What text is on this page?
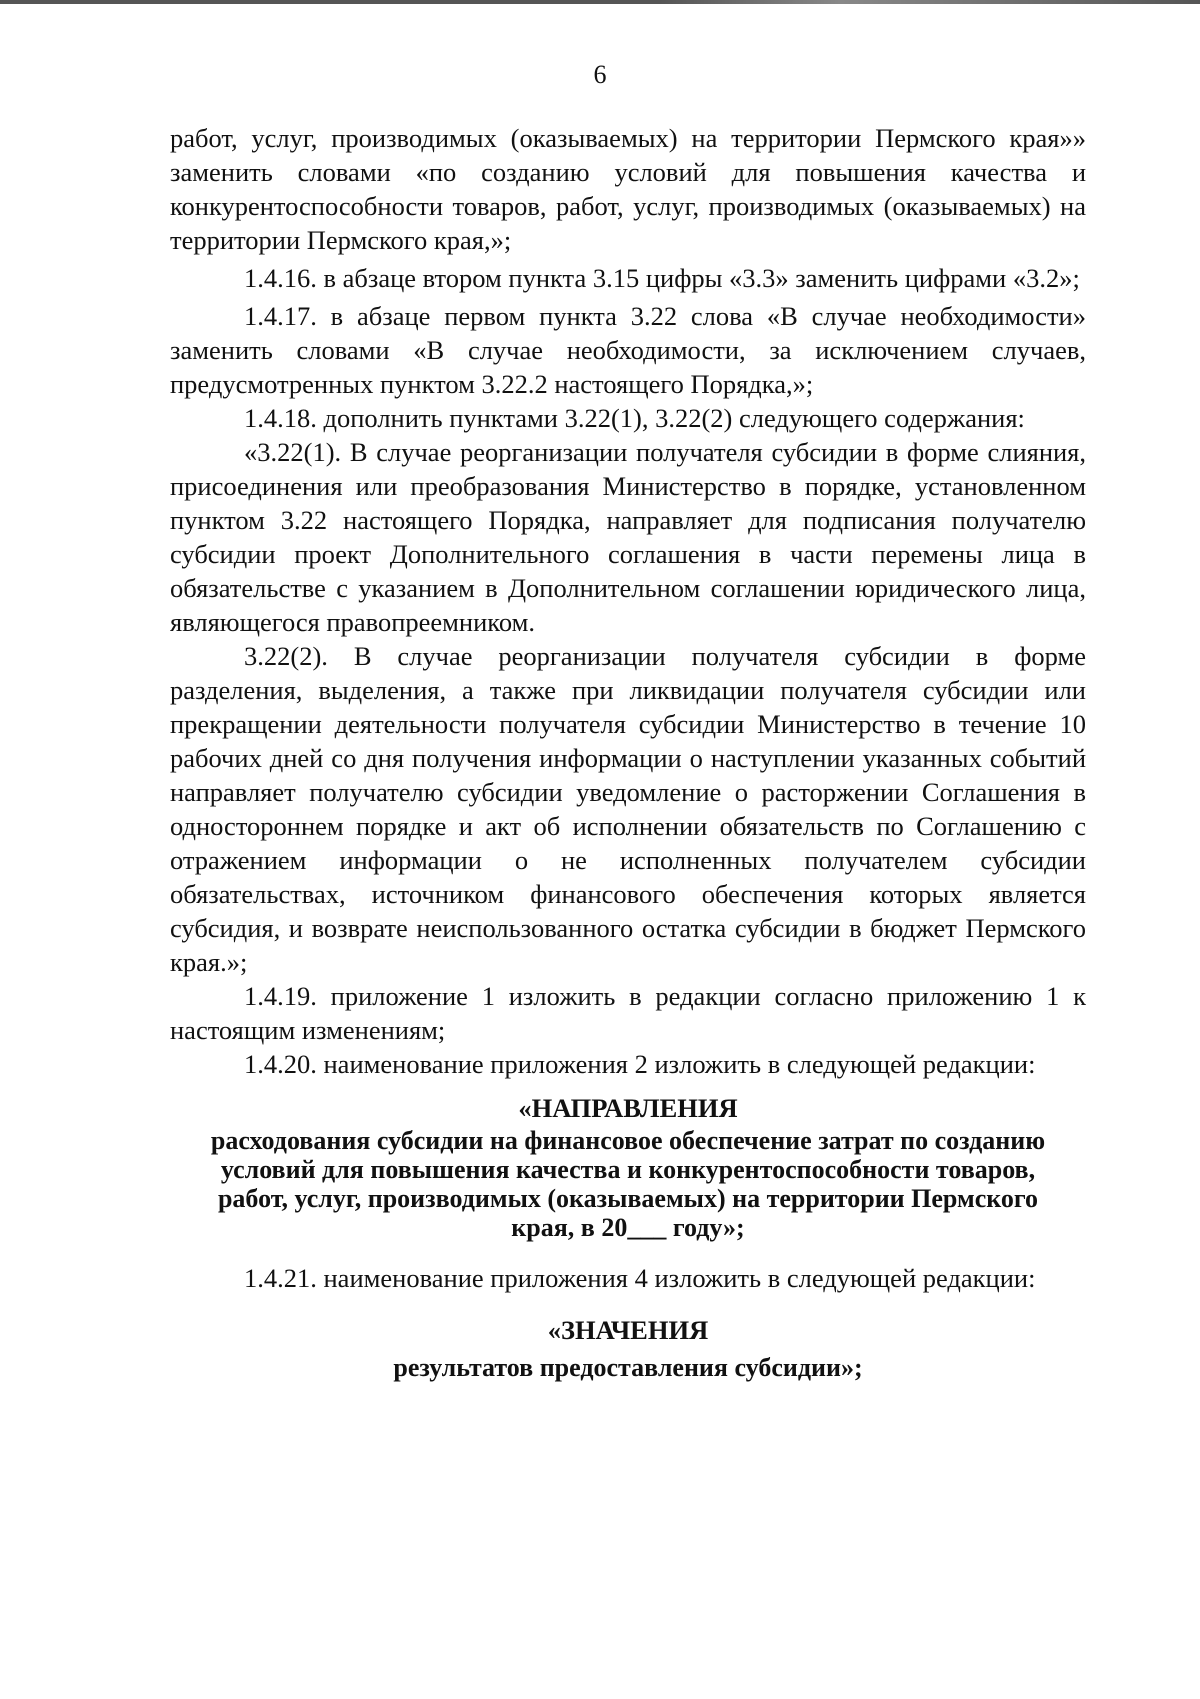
6

работ, услуг, производимых (оказываемых) на территории Пермского края»» заменить словами «по созданию условий для повышения качества и конкурентоспособности товаров, работ, услуг, производимых (оказываемых) на территории Пермского края,»;

1.4.16. в абзаце втором пункта 3.15 цифры «3.3» заменить цифрами «3.2»;

1.4.17. в абзаце первом пункта 3.22 слова «В случае необходимости» заменить словами «В случае необходимости, за исключением случаев, предусмотренных пунктом 3.22.2 настоящего Порядка,»;

1.4.18. дополнить пунктами 3.22(1), 3.22(2) следующего содержания:

«3.22(1). В случае реорганизации получателя субсидии в форме слияния, присоединения или преобразования Министерство в порядке, установленном пунктом 3.22 настоящего Порядка, направляет для подписания получателю субсидии проект Дополнительного соглашения в части перемены лица в обязательстве с указанием в Дополнительном соглашении юридического лица, являющегося правопреемником.

3.22(2). В случае реорганизации получателя субсидии в форме разделения, выделения, а также при ликвидации получателя субсидии или прекращении деятельности получателя субсидии Министерство в течение 10 рабочих дней со дня получения информации о наступлении указанных событий направляет получателю субсидии уведомление о расторжении Соглашения в одностороннем порядке и акт об исполнении обязательств по Соглашению с отражением информации о не исполненных получателем субсидии обязательствах, источником финансового обеспечения которых является субсидия, и возврате неиспользованного остатка субсидии в бюджет Пермского края.»;

1.4.19. приложение 1 изложить в редакции согласно приложению 1 к настоящим изменениям;

1.4.20. наименование приложения 2 изложить в следующей редакции:

«НАПРАВЛЕНИЯ
расходования субсидии на финансовое обеспечение затрат по созданию
условий для повышения качества и конкурентоспособности товаров,
работ, услуг, производимых (оказываемых) на территории Пермского
края, в 20___ году»;

1.4.21. наименование приложения 4 изложить в следующей редакции:

«ЗНАЧЕНИЯ
результатов предоставления субсидии»;
